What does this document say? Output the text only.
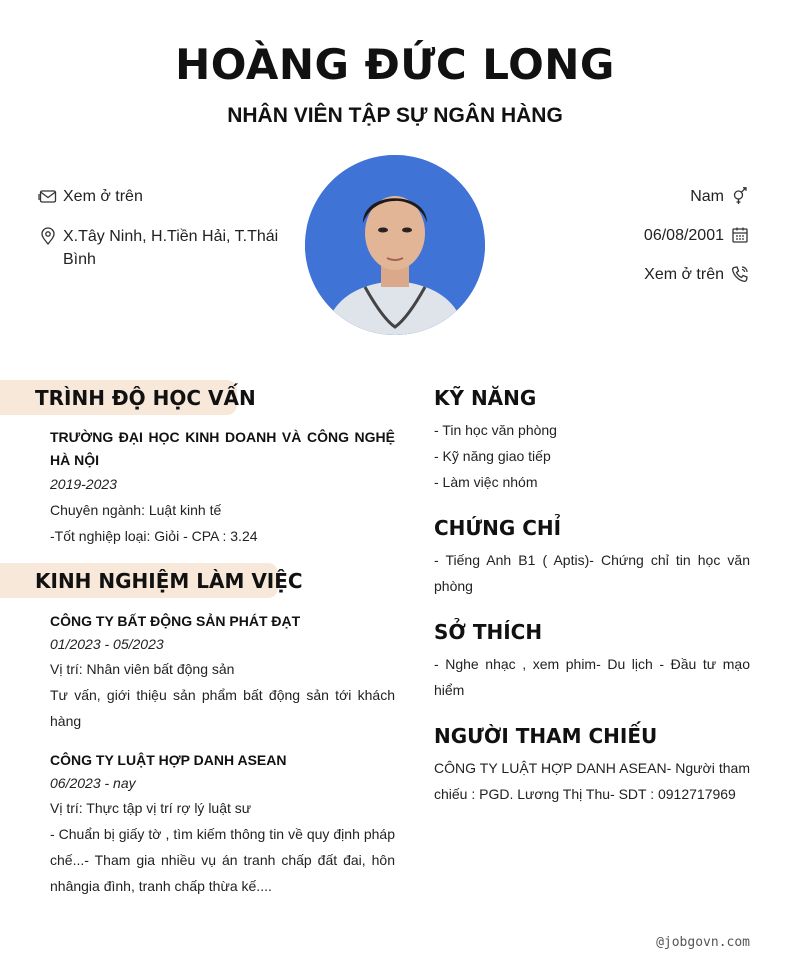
HOÀNG ĐỨC LONG
NHÂN VIÊN TẬP SỰ NGÂN HÀNG
Xem ở trên
X.Tây Ninh, H.Tiền Hải, T.Thái Bình
Nam
06/08/2001
Xem ở trên
TRÌNH ĐỘ HỌC VẤN
TRƯỜNG ĐẠI HỌC KINH DOANH VÀ CÔNG NGHỆ HÀ NỘI
2019-2023
Chuyên ngành: Luật kinh tế
-Tốt nghiệp loại: Giỏi - CPA : 3.24
KINH NGHIỆM LÀM VIỆC
CÔNG TY BẤT ĐỘNG SẢN PHÁT ĐẠT
01/2023 - 05/2023
Vị trí: Nhân viên bất động sản
Tư vấn, giới thiệu sản phẩm bất động sản tới khách hàng
CÔNG TY LUẬT HỢP DANH ASEAN
06/2023 - nay
Vị trí: Thực tập vị trí rợ lý luật sư
- Chuẩn bị giấy tờ , tìm kiếm thông tin về quy định pháp chế...- Tham gia nhiều vụ án tranh chấp đất đai, hôn nhângia đình, tranh chấp thừa kế....
KỸ NĂNG
- Tin học văn phòng
- Kỹ năng giao tiếp
- Làm việc nhóm
CHỨNG CHỈ
- Tiếng Anh B1 ( Aptis)- Chứng chỉ tin học văn phòng
SỞ THÍCH
- Nghe nhạc , xem phim- Du lịch - Đầu tư mạo hiểm
NGƯỜI THAM CHIẾU
CÔNG TY LUẬT HỢP DANH ASEAN- Người tham chiếu : PGD. Lương Thị Thu- SDT : 0912717969
@jobgovn.com
